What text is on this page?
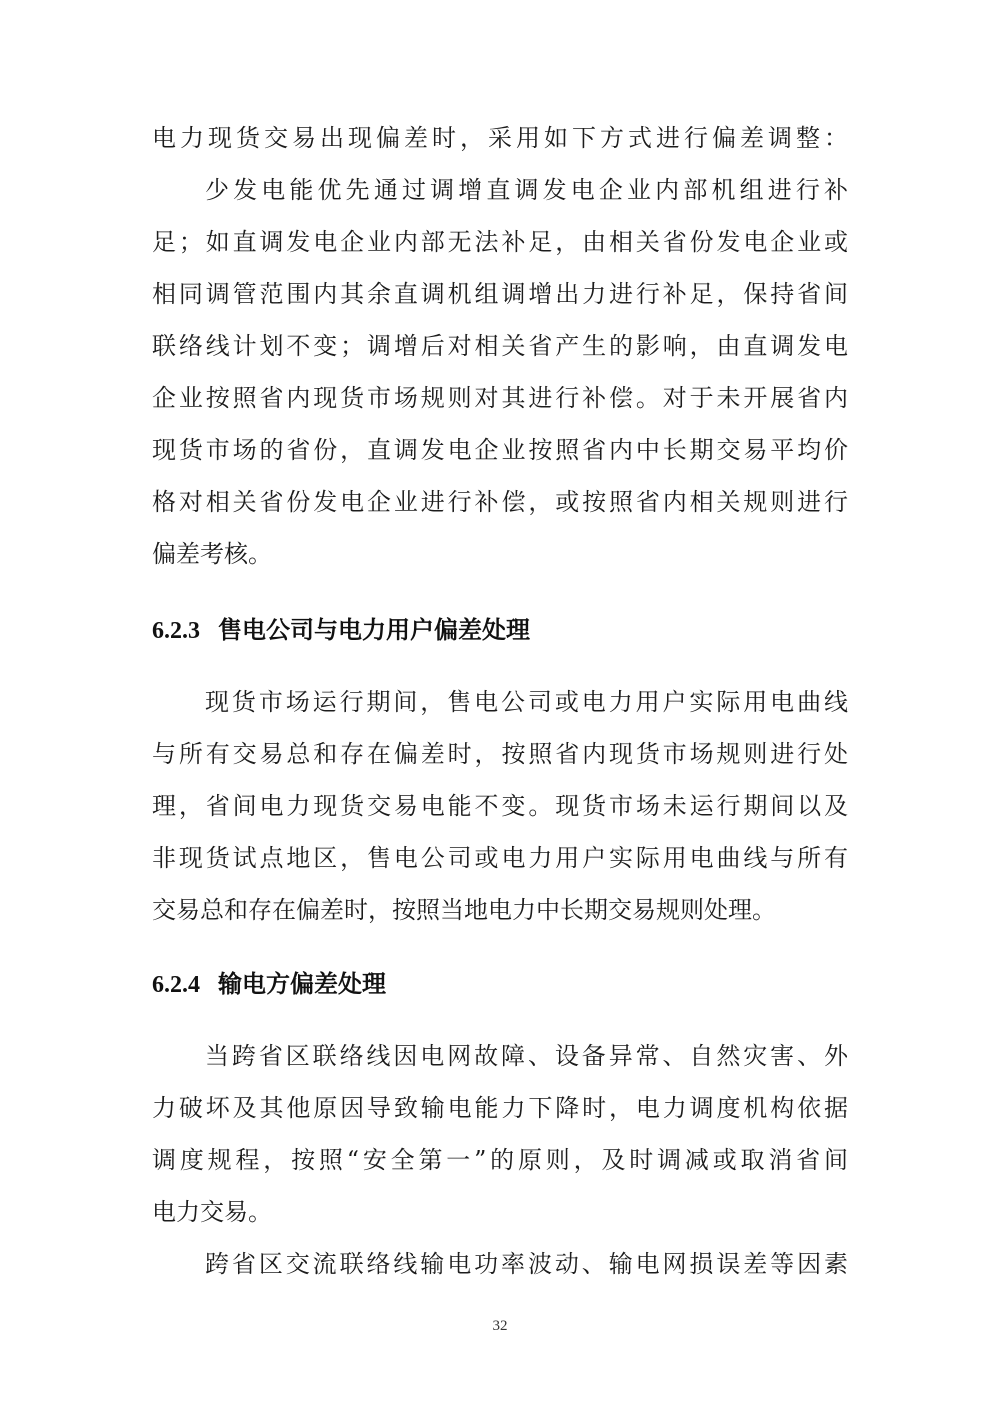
电力现货交易出现偏差时，采用如下方式进行偏差调整：
少发电能优先通过调增直调发电企业内部机组进行补
足；如直调发电企业内部无法补足，由相关省份发电企业或
相同调管范围内其余直调机组调增出力进行补足，保持省间
联络线计划不变；调增后对相关省产生的影响，由直调发电
企业按照省内现货市场规则对其进行补偿。对于未开展省内
现货市场的省份，直调发电企业按照省内中长期交易平均价
格对相关省份发电企业进行补偿，或按照省内相关规则进行
偏差考核。
6.2.3 售电公司与电力用户偏差处理
现货市场运行期间，售电公司或电力用户实际用电曲线
与所有交易总和存在偏差时，按照省内现货市场规则进行处
理，省间电力现货交易电能不变。现货市场未运行期间以及
非现货试点地区，售电公司或电力用户实际用电曲线与所有
交易总和存在偏差时，按照当地电力中长期交易规则处理。
6.2.4 输电方偏差处理
当跨省区联络线因电网故障、设备异常、自然灾害、外
力破坏及其他原因导致输电能力下降时，电力调度机构依据
调度规程，按照“安全第一”的原则，及时调减或取消省间
电力交易。
跨省区交流联络线输电功率波动、输电网损误差等因素
32
